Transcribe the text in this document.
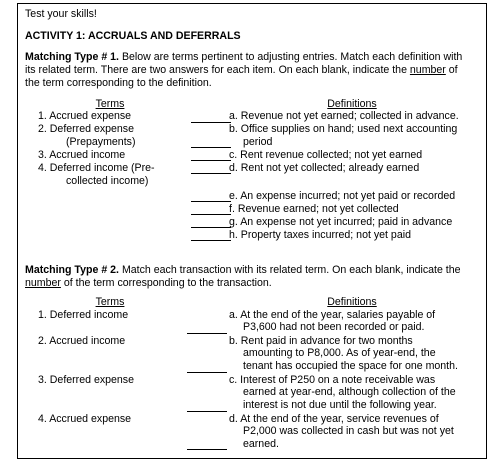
Test your skills!
ACTIVITY 1: ACCRUALS AND DEFERRALS
Matching Type # 1. Below are terms pertinent to adjusting entries. Match each definition with
its related term. There are two answers for each item. On each blank, indicate the number of
the term corresponding to the definition.
Terms	Definitions
1. Accrued expense
2. Deferred expense
(Prepayments)
3. Accrued income
4. Deferred income (Pre-
collected income)
a. Revenue not yet earned; collected in advance.
b. Office supplies on hand; used next accounting
period
c. Rent revenue collected; not yet earned
d. Rent not yet collected; already earned
e. An expense incurred; not yet paid or recorded
f. Revenue earned; not yet collected
g. An expense not yet incurred; paid in advance
h. Property taxes incurred; not yet paid
Matching Type # 2. Match each transaction with its related term. On each blank, indicate the
number of the term corresponding to the transaction.
Terms	Definitions
1. Deferred income
2. Accrued income
3. Deferred expense
4. Accrued expense
a. At the end of the year, salaries payable of
P3,600 had not been recorded or paid.
b. Rent paid in advance for two months
amounting to P8,000. As of year-end, the
tenant has occupied the space for one month.
c. Interest of P250 on a note receivable was
earned at year-end, although collection of the
interest is not due until the following year.
d. At the end of the year, service revenues of
P2,000 was collected in cash but was not yet
earned.
